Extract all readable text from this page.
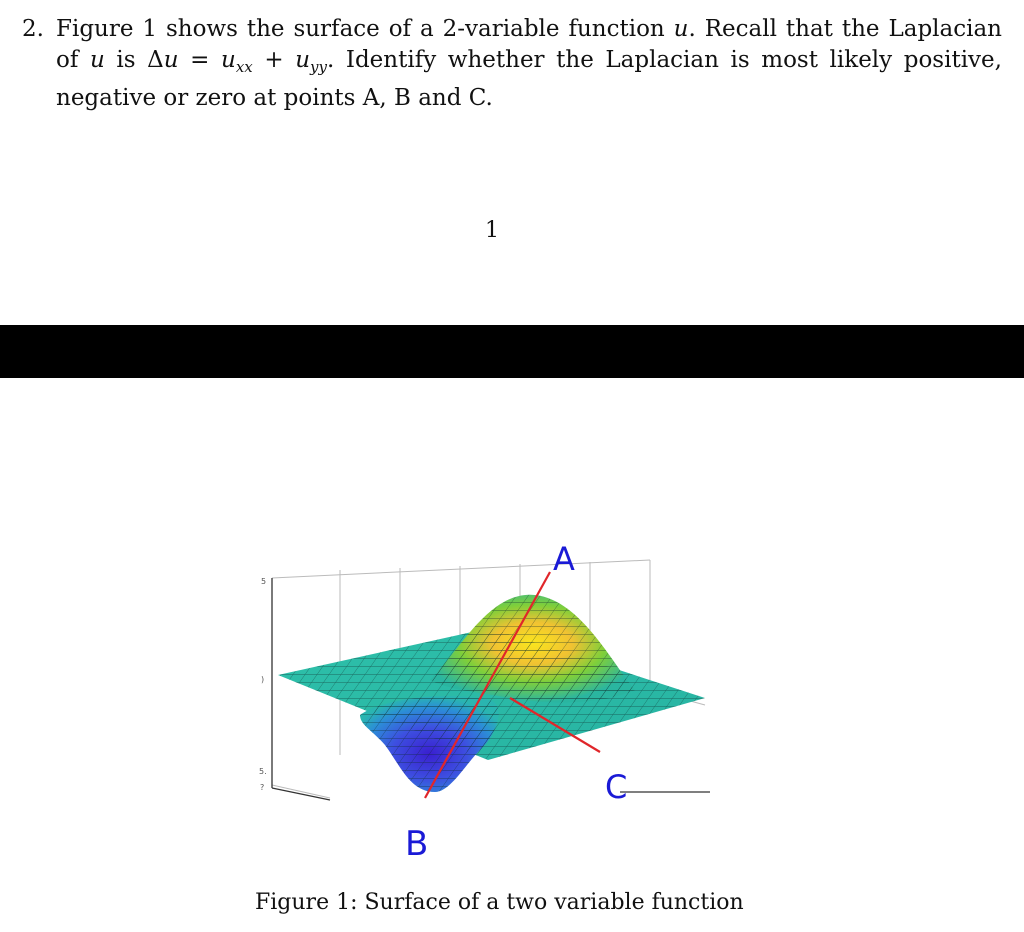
2. Figure 1 shows the surface of a 2-variable function u. Recall that the Laplacian of u is $\Delta u = u_{xx} + u_{yy}$. Identify whether the Laplacian is most likely positive, negative or zero at points A, B and C.
1
A
C
B
5
)
5.
?
Figure 1: Surface of a two variable function
